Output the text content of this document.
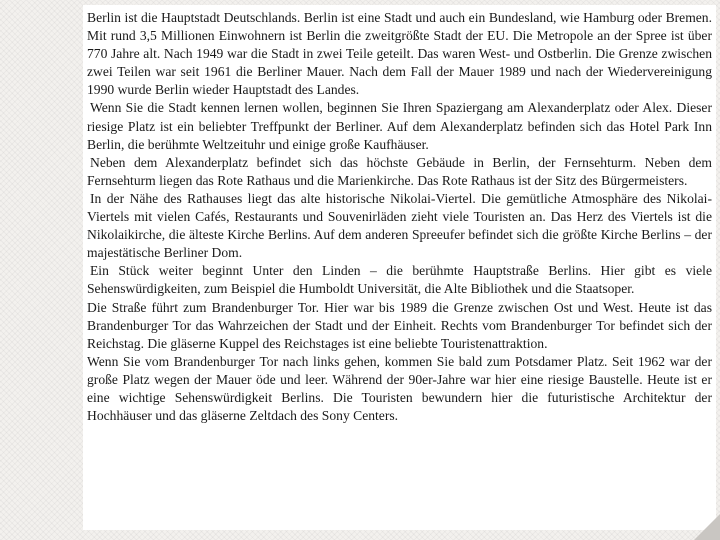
Berlin ist die Hauptstadt Deutschlands. Berlin ist eine Stadt und auch ein Bundesland, wie Hamburg oder Bremen. Mit rund 3,5 Millionen Einwohnern ist Berlin die zweitgrößte Stadt der EU. Die Metropole an der Spree ist über 770 Jahre alt. Nach 1949 war die Stadt in zwei Teile geteilt. Das waren West- und Ostberlin. Die Grenze zwischen zwei Teilen war seit 1961 die Berliner Mauer. Nach dem Fall der Mauer 1989 und nach der Wiedervereinigung 1990 wurde Berlin wieder Hauptstadt des Landes.

Wenn Sie die Stadt kennen lernen wollen, beginnen Sie Ihren Spaziergang am Alexanderplatz oder Alex. Dieser riesige Platz ist ein beliebter Treffpunkt der Berliner. Auf dem Alexanderplatz befinden sich das Hotel Park Inn Berlin, die berühmte Weltzeituhr und einige große Kaufhäuser.

Neben dem Alexanderplatz befindet sich das höchste Gebäude in Berlin, der Fernsehturm. Neben dem Fernsehturm liegen das Rote Rathaus und die Marienkirche. Das Rote Rathaus ist der Sitz des Bürgermeisters.

In der Nähe des Rathauses liegt das alte historische Nikolai-Viertel. Die gemütliche Atmosphäre des Nikolai-Viertels mit vielen Cafés, Restaurants und Souvenirläden zieht viele Touristen an. Das Herz des Viertels ist die Nikolaikirche, die älteste Kirche Berlins. Auf dem anderen Spreeufer befindet sich die größte Kirche Berlins – der majestätische Berliner Dom.

Ein Stück weiter beginnt Unter den Linden – die berühmte Hauptstraße Berlins. Hier gibt es viele Sehenswürdigkeiten, zum Beispiel die Humboldt Universität, die Alte Bibliothek und die Staatsoper.

Die Straße führt zum Brandenburger Tor. Hier war bis 1989 die Grenze zwischen Ost und West. Heute ist das Brandenburger Tor das Wahrzeichen der Stadt und der Einheit. Rechts vom Brandenburger Tor befindet sich der Reichstag. Die gläserne Kuppel des Reichstages ist eine beliebte Touristenattraktion.

Wenn Sie vom Brandenburger Tor nach links gehen, kommen Sie bald zum Potsdamer Platz. Seit 1962 war der große Platz wegen der Mauer öde und leer. Während der 90er-Jahre war hier eine riesige Baustelle. Heute ist er eine wichtige Sehenswürdigkeit Berlins. Die Touristen bewundern hier die futuristische Architektur der Hochhäuser und das gläserne Zeltdach des Sony Centers.
